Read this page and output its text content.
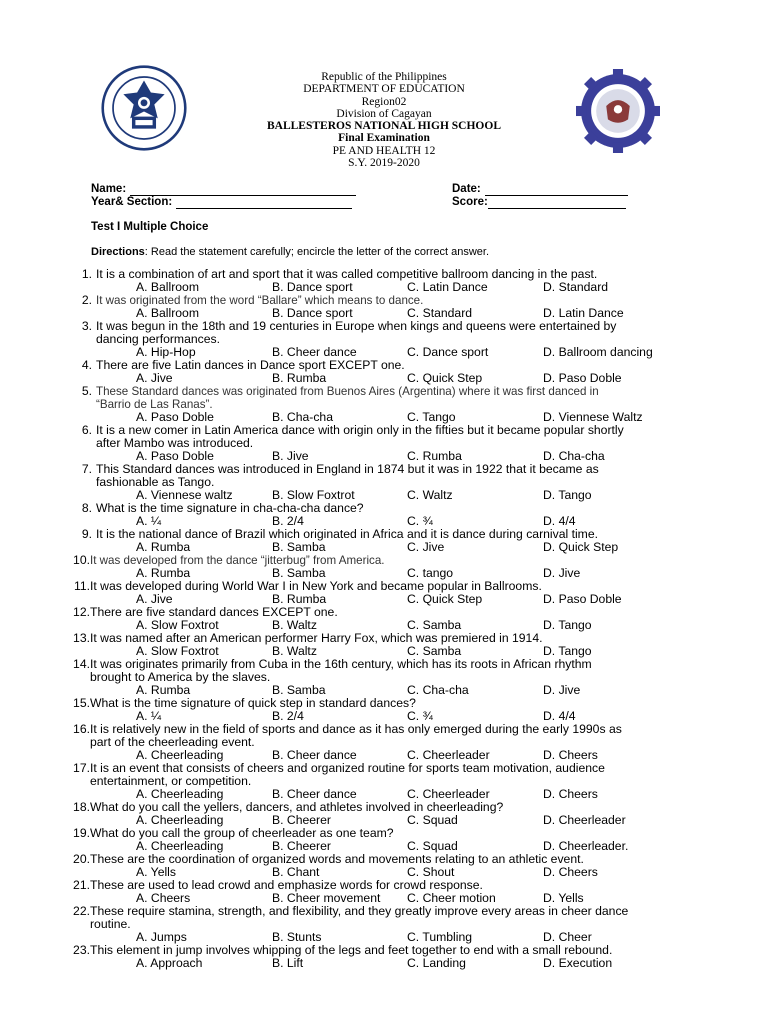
Republic of the Philippines
DEPARTMENT OF EDUCATION
Region02
Division of Cagayan
BALLESTEROS NATIONAL HIGH SCHOOL
Final Examination
PE AND HEALTH 12
S.Y. 2019-2020
Name:
Year& Section:
Date:
Score:
Test I Multiple Choice
Directions: Read the statement carefully; encircle the letter of the correct answer.
1. It is a combination of art and sport that it was called competitive ballroom dancing in the past.
A. Ballroom	B. Dance sport	C. Latin Dance	D. Standard
2. It was originated from the word “Ballare” which means to dance.
A. Ballroom	B. Dance sport	C. Standard	D. Latin Dance
3. It was begun in the 18th and 19 centuries in Europe when kings and queens were entertained by
dancing performances.
A. Hip-Hop	B. Cheer dance	C. Dance sport	D. Ballroom dancing
4. There are five Latin dances in Dance sport EXCEPT one.
A. Jive	B. Rumba	C. Quick Step	D. Paso Doble
5. These Standard dances was originated from Buenos Aires (Argentina) where it was first danced in
“Barrio de Las Ranas”.
A. Paso Doble	B. Cha-cha	C. Tango	D. Viennese Waltz
6. It is a new comer in Latin America dance with origin only in the fifties but it became popular shortly
after Mambo was introduced.
A. Paso Doble	B. Jive	C. Rumba	D. Cha-cha
7. This Standard dances was introduced in England in 1874 but it was in 1922 that it became as
fashionable as Tango.
A. Viennese waltz	B. Slow Foxtrot	C. Waltz	D. Tango
8. What is the time signature in cha-cha-cha dance?
A. ¼	B. 2/4	C. ¾	D. 4/4
9. It is the national dance of Brazil which originated in Africa and it is dance during carnival time.
A. Rumba	B. Samba	C. Jive	D. Quick Step
10. It was developed from the dance “jitterbug” from America.
A. Rumba	B. Samba	C. tango	D. Jive
11. It was developed during World War I in New York and became popular in Ballrooms.
A. Jive	B. Rumba	C. Quick Step	D. Paso Doble
12. There are five standard dances EXCEPT one.
A. Slow Foxtrot	B. Waltz	C. Samba	D. Tango
13. It was named after an American performer Harry Fox, which was premiered in 1914.
A. Slow Foxtrot	B. Waltz	C. Samba	D. Tango
14. It was originates primarily from Cuba in the 16th century, which has its roots in African rhythm
brought to America by the slaves.
A. Rumba	B. Samba	C. Cha-cha	D. Jive
15. What is the time signature of quick step in standard dances?
A. ¼	B. 2/4	C. ¾	D. 4/4
16. It is relatively new in the field of sports and dance as it has only emerged during the early 1990s as
part of the cheerleading event.
A. Cheerleading	B. Cheer dance	C. Cheerleader	D. Cheers
17. It is an event that consists of cheers and organized routine for sports team motivation, audience
entertainment, or competition.
A. Cheerleading	B. Cheer dance	C. Cheerleader	D. Cheers
18. What do you call the yellers, dancers, and athletes involved in cheerleading?
A. Cheerleading	B. Cheerer	C. Squad	D. Cheerleader
19. What do you call the group of cheerleader as one team?
A. Cheerleading	B. Cheerer	C. Squad	D. Cheerleader.
20. These are the coordination of organized words and movements relating to an athletic event.
A. Yells	B. Chant	C. Shout	D. Cheers
21. These are used to lead crowd and emphasize words for crowd response.
A. Cheers	B. Cheer movement C. Cheer motion	D. Yells
22. These require stamina, strength, and flexibility, and they greatly improve every areas in cheer dance
routine.
A. Jumps	B. Stunts	C. Tumbling	D. Cheer
23. This element in jump involves whipping of the legs and feet together to end with a small rebound.
A. Approach	B. Lift	C. Landing	D. Execution
